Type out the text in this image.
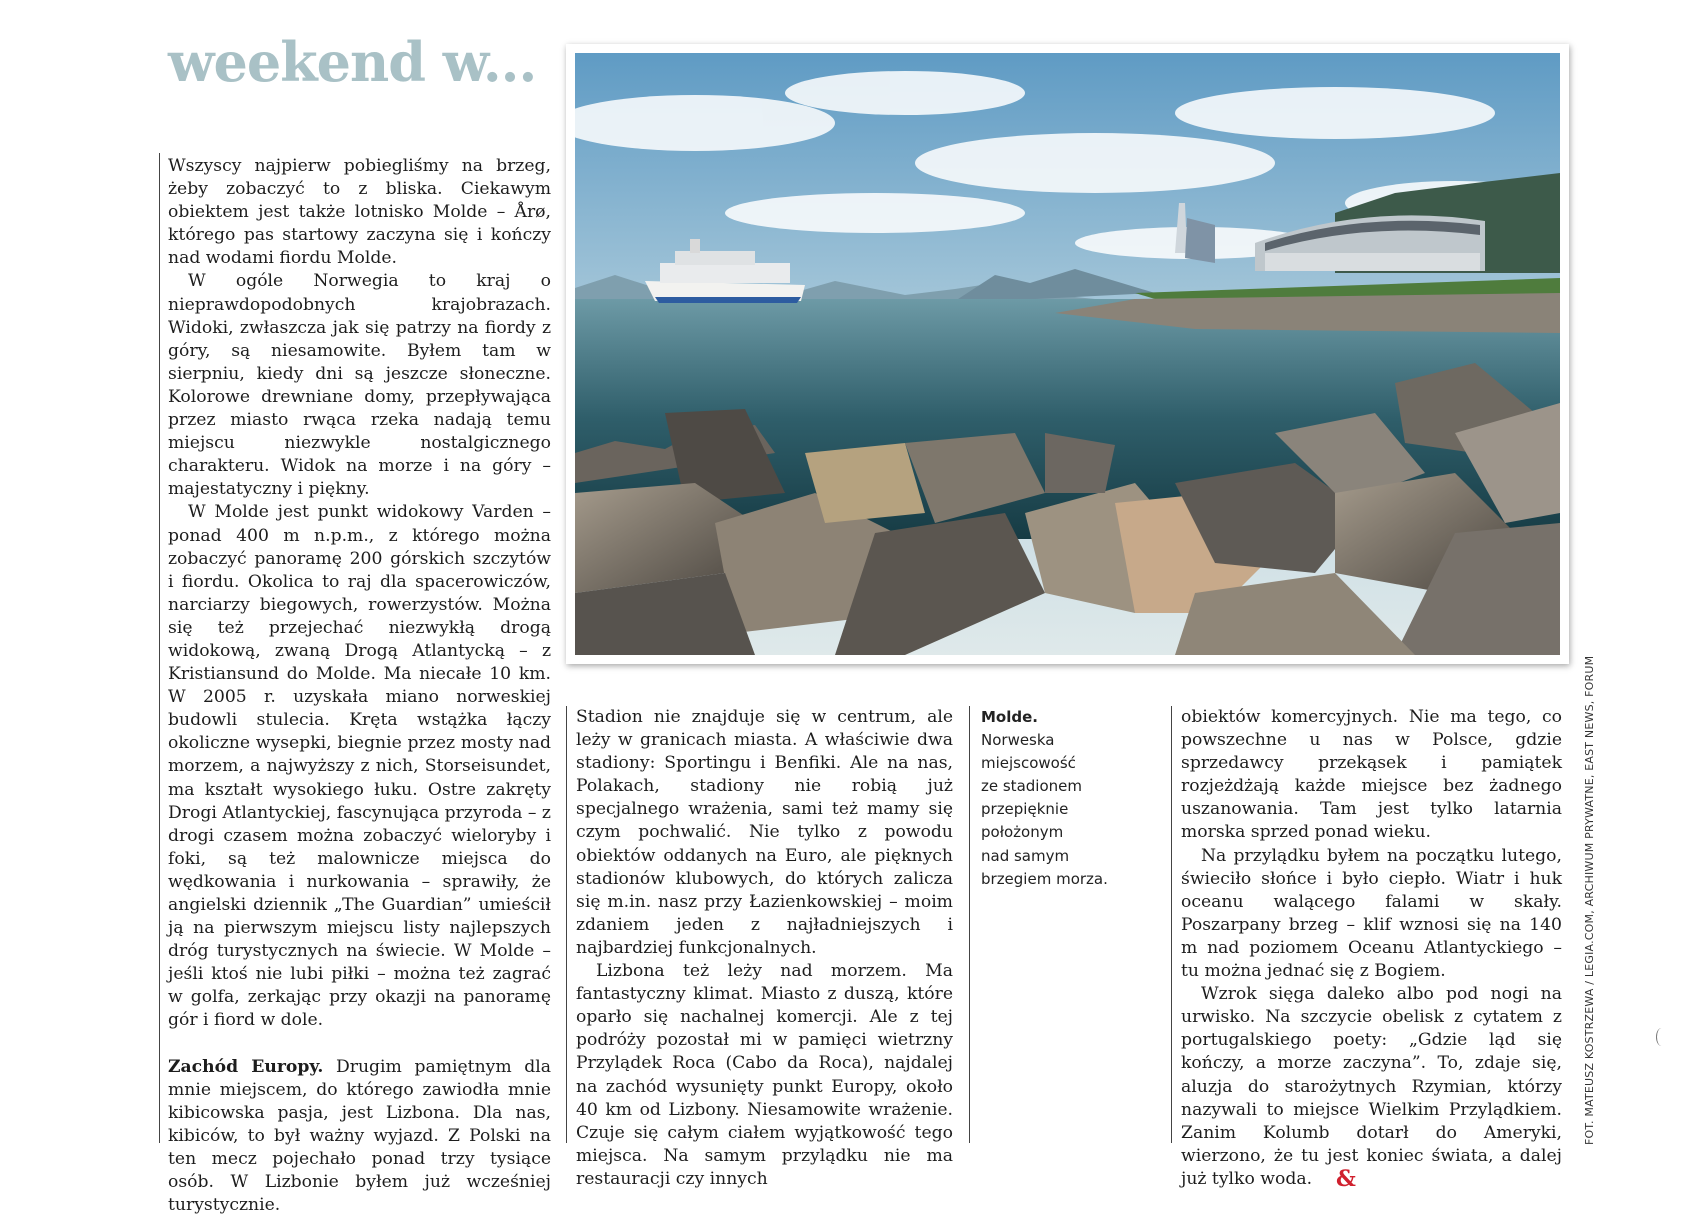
weekend w...

Wszyscy najpierw pobiegliśmy na brzeg, żeby zobaczyć to z bliska. Ciekawym obiektem jest także lotnisko Molde – Årø, którego pas startowy zaczyna się i kończy nad wodami fiordu Molde.

W ogóle Norwegia to kraj o nieprawdopodobnych krajobrazach. Widoki, zwłaszcza jak się patrzy na fiordy z góry, są niesamowite. Byłem tam w sierpniu, kiedy dni są jeszcze słoneczne. Kolorowe drewniane domy, przepływająca przez miasto rwąca rzeka nadają temu miejscu niezwykle nostalgicznego charakteru. Widok na morze i na góry – majestatyczny i piękny.

W Molde jest punkt widokowy Varden – ponad 400 m n.p.m., z którego można zobaczyć panoramę 200 górskich szczytów i fiordu. Okolica to raj dla spacerowiczów, narciarzy biegowych, rowerzystów. Można się też przejechać niezwykłą drogą widokową, zwaną Drogą Atlantycką – z Kristiansund do Molde. Ma niecałe 10 km. W 2005 r. uzyskała miano norweskiej budowli stulecia. Kręta wstążka łączy okoliczne wysepki, biegnie przez mosty nad morzem, a najwyższy z nich, Storseisundet, ma kształt wysokiego łuku. Ostre zakręty Drogi Atlantyckiej, fascynująca przyroda – z drogi czasem można zobaczyć wieloryby i foki, są też malownicze miejsca do wędkowania i nurkowania – sprawiły, że angielski dziennik „The Guardian” umieścił ją na pierwszym miejscu listy najlepszych dróg turystycznych na świecie. W Molde – jeśli ktoś nie lubi piłki – można też zagrać w golfa, zerkając przy okazji na panoramę gór i fiord w dole.

Zachód Europy. Drugim pamiętnym dla mnie miejscem, do którego zawiodła mnie kibicowska pasja, jest Lizbona. Dla nas, kibiców, to był ważny wyjazd. Z Polski na ten mecz pojechało ponad trzy tysiące osób. W Lizbonie byłem już wcześniej turystycznie.

Stadion nie znajduje się w centrum, ale leży w granicach miasta. A właściwie dwa stadiony: Sportingu i Benfiki. Ale na nas, Polakach, stadiony nie robią już specjalnego wrażenia, sami też mamy się czym pochwalić. Nie tylko z powodu obiektów oddanych na Euro, ale pięknych stadionów klubowych, do których zalicza się m.in. nasz przy Łazienkowskiej – moim zdaniem jeden z najładniejszych i najbardziej funkcjonalnych.

Lizbona też leży nad morzem. Ma fantastyczny klimat. Miasto z duszą, które oparło się nachalnej komercji. Ale z tej podróży pozostał mi w pamięci wietrzny Przylądek Roca (Cabo da Roca), najdalej na zachód wysunięty punkt Europy, około 40 km od Lizbony. Niesamowite wrażenie. Czuje się całym ciałem wyjątkowość tego miejsca. Na samym przylądku nie ma restauracji czy innych

Molde.
Norweska
miejscowość
ze stadionem
przepięknie
położonym
nad samym
brzegiem morza.

obiektów komercyjnych. Nie ma tego, co powszechne u nas w Polsce, gdzie sprzedawcy przekąsek i pamiątek rozjeżdżają każde miejsce bez żadnego uszanowania. Tam jest tylko latarnia morska sprzed ponad wieku.

Na przylądku byłem na początku lutego, świeciło słońce i było ciepło. Wiatr i huk oceanu walącego falami w skały. Poszarpany brzeg – klif wznosi się na 140 m nad poziomem Oceanu Atlantyckiego – tu można jednać się z Bogiem.

Wzrok sięga daleko albo pod nogi na urwisko. Na szczycie obelisk z cytatem z portugalskiego poety: „Gdzie ląd się kończy, a morze zaczyna”. To, zdaje się, aluzja do starożytnych Rzymian, którzy nazywali to miejsce Wielkim Przylądkiem. Zanim Kolumb dotarł do Ameryki, wierzono, że tu jest koniec świata, a dalej już tylko woda. &

FOT. MATEUSZ KOSTRZEWA / LEGIA.COM, ARCHIWUM PRYWATNE, EAST NEWS, FORUM
